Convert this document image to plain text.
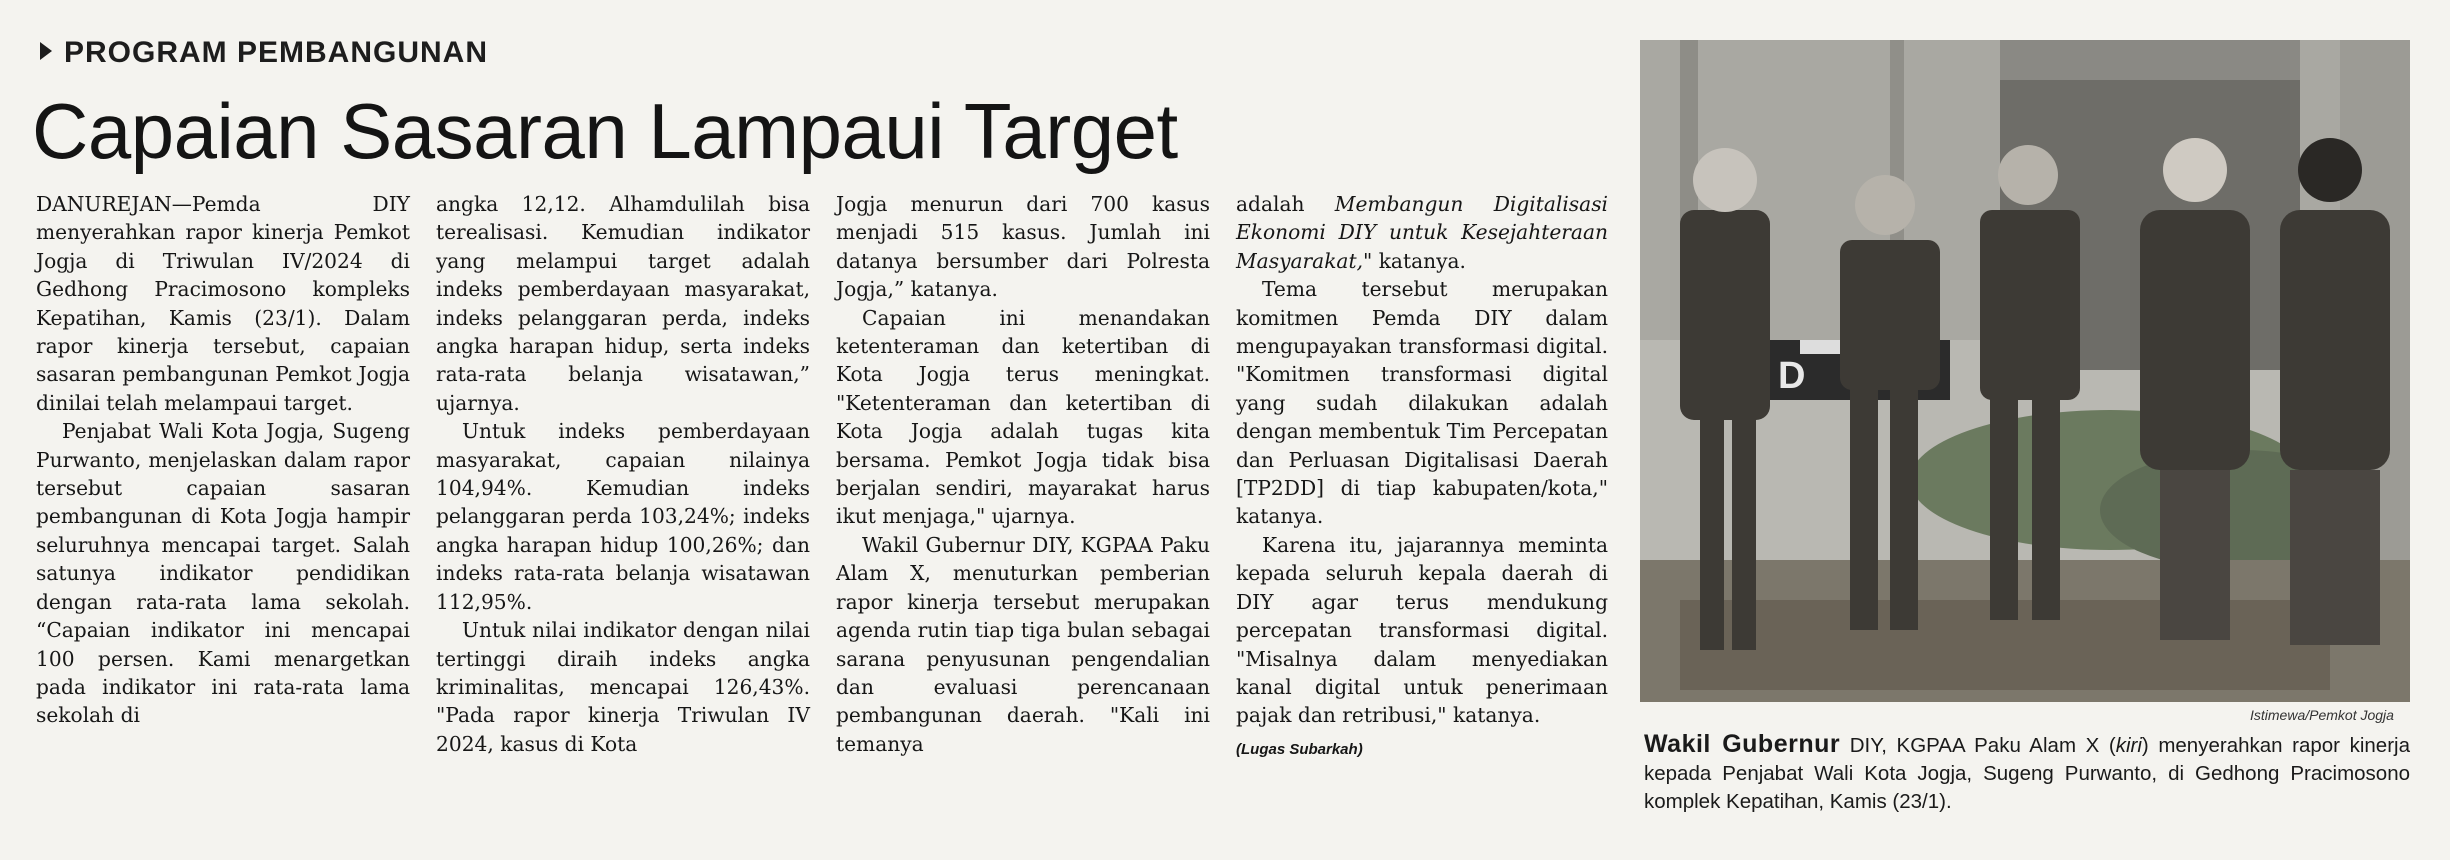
PROGRAM PEMBANGUNAN
Capaian Sasaran Lampaui Target

DANUREJAN—Pemda DIY menyerahkan rapor kinerja Pemkot Jogja di Triwulan IV/2024 di Gedhong Pracimosono kompleks Kepatihan, Kamis (23/1). Dalam rapor kinerja tersebut, capaian sasaran pembangunan Pemkot Jogja dinilai telah melampaui target.

Penjabat Wali Kota Jogja, Sugeng Purwanto, menjelaskan dalam rapor tersebut capaian sasaran pembangunan di Kota Jogja hampir seluruhnya mencapai target. Salah satunya indikator pendidikan dengan rata-rata lama sekolah. “Capaian indikator ini mencapai 100 persen. Kami menargetkan pada indikator ini rata-rata lama sekolah di

angka 12,12. Alhamdulilah bisa terealisasi. Kemudian indikator yang melampui target adalah indeks pemberdayaan masyarakat, indeks pelanggaran perda, indeks angka harapan hidup, serta indeks rata-rata belanja wisatawan,” ujarnya.

Untuk indeks pemberdayaan masyarakat, capaian nilainya 104,94%. Kemudian indeks pelanggaran perda 103,24%; indeks angka harapan hidup 100,26%; dan indeks rata-rata belanja wisatawan 112,95%.

Untuk nilai indikator dengan nilai tertinggi diraih indeks angka kriminalitas, mencapai 126,43%. "Pada rapor kinerja Triwulan IV 2024, kasus di Kota

Jogja menurun dari 700 kasus menjadi 515 kasus. Jumlah ini datanya bersumber dari Polresta Jogja,” katanya.

Capaian ini menandakan ketenteraman dan ketertiban di Kota Jogja terus meningkat. "Ketenteraman dan ketertiban di Kota Jogja adalah tugas kita bersama. Pemkot Jogja tidak bisa berjalan sendiri, mayarakat harus ikut menjaga," ujarnya.

Wakil Gubernur DIY, KGPAA Paku Alam X, menuturkan pemberian rapor kinerja tersebut merupakan agenda rutin tiap tiga bulan sebagai sarana penyusunan pengendalian dan evaluasi perencanaan pembangunan daerah. "Kali ini temanya

adalah Membangun Digitalisasi Ekonomi DIY untuk Kesejahteraan Masyarakat," katanya.

Tema tersebut merupakan komitmen Pemda DIY dalam mengupayakan transformasi digital. "Komitmen transformasi digital yang sudah dilakukan adalah dengan membentuk Tim Percepatan dan Perluasan Digitalisasi Daerah [TP2DD] di tiap kabupaten/kota," katanya.

Karena itu, jajarannya meminta kepada seluruh kepala daerah di DIY agar terus mendukung percepatan transformasi digital. "Misalnya dalam menyediakan kanal digital untuk penerimaan pajak dan retribusi," katanya.

(Lugas Subarkah)

D
Istimewa/Pemkot Jogja
Wakil Gubernur DIY, KGPAA Paku Alam X (kiri) menyerahkan rapor kinerja kepada Penjabat Wali Kota Jogja, Sugeng Purwanto, di Gedhong Pracimosono komplek Kepatihan, Kamis (23/1).
